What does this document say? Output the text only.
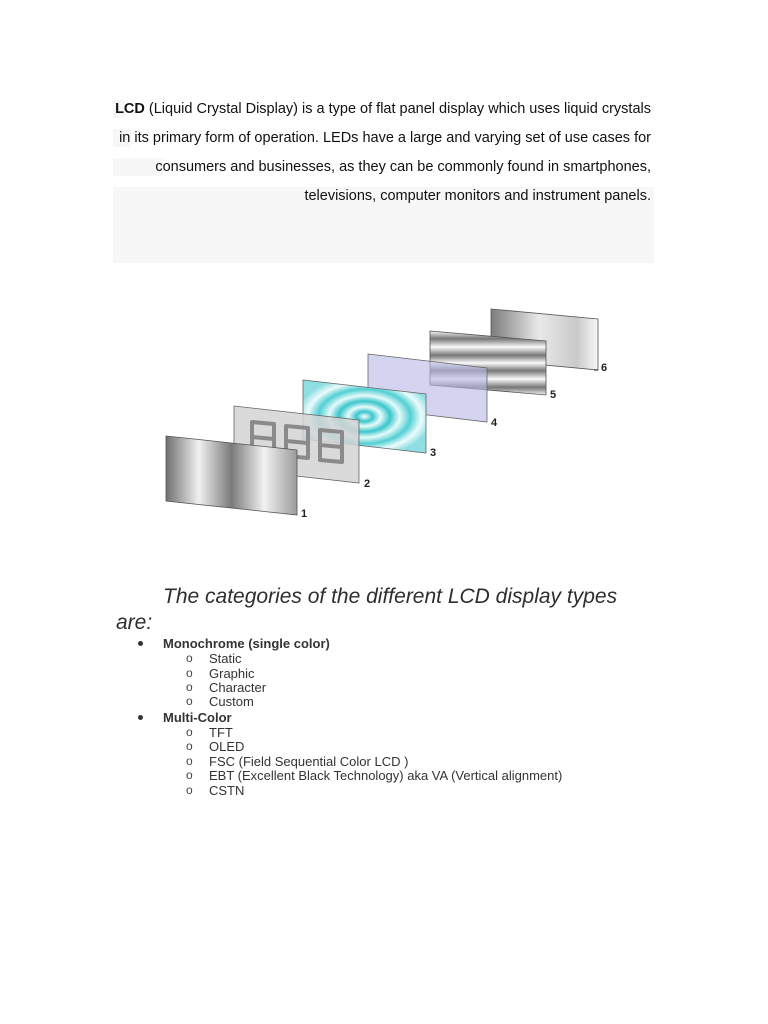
LCD (Liquid Crystal Display) is a type of flat panel display which uses liquid crystals
in its primary form of operation. LEDs have a large and varying set of use cases for
consumers and businesses, as they can be commonly found in smartphones,
televisions, computer monitors and instrument panels.
1
2
3
4
5
6
The categories of the different LCD display types are:
Monochrome (single color)
o Static
o Graphic
o Character
o Custom
Multi-Color
o TFT
o OLED
o FSC (Field Sequential Color LCD )
o EBT (Excellent Black Technology) aka VA (Vertical alignment)
o CSTN
